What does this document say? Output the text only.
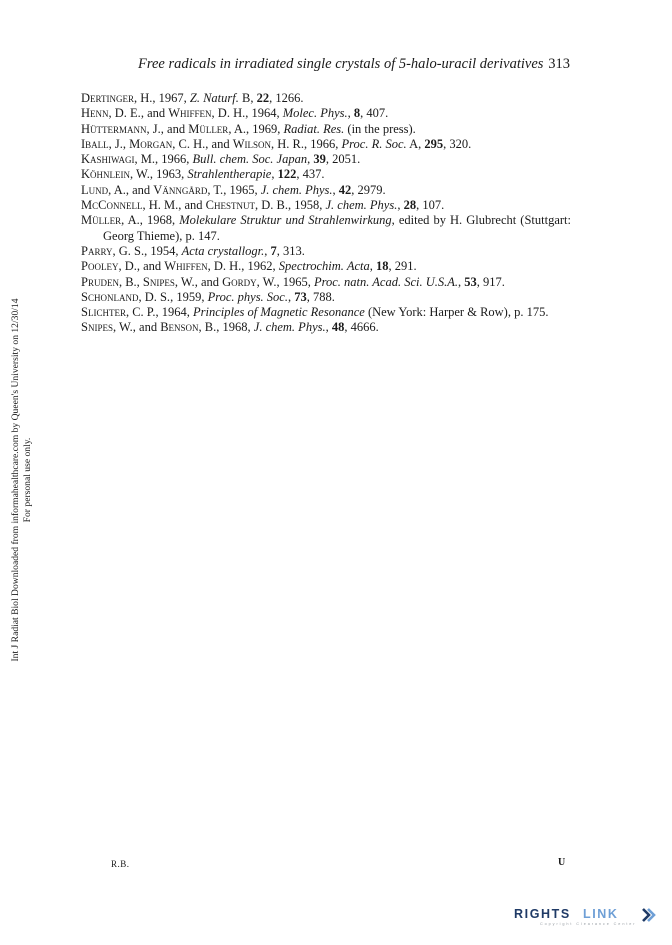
Free radicals in irradiated single crystals of 5-halo-uracil derivatives 313
Dertinger, H., 1967, Z. Naturf. B, 22, 1266.
Henn, D. E., and Whiffen, D. H., 1964, Molec. Phys., 8, 407.
Hüttermann, J., and Müller, A., 1969, Radiat. Res. (in the press).
Iball, J., Morgan, C. H., and Wilson, H. R., 1966, Proc. R. Soc. A, 295, 320.
Kashiwagi, M., 1966, Bull. chem. Soc. Japan, 39, 2051.
Köhnlein, W., 1963, Strahlentherapie, 122, 437.
Lund, A., and Vänngård, T., 1965, J. chem. Phys., 42, 2979.
McConnell, H. M., and Chestnut, D. B., 1958, J. chem. Phys., 28, 107.
Müller, A., 1968, Molekulare Struktur und Strahlenwirkung, edited by H. Glubrecht (Stuttgart: Georg Thieme), p. 147.
Parry, G. S., 1954, Acta crystallogr., 7, 313.
Pooley, D., and Whiffen, D. H., 1962, Spectrochim. Acta, 18, 291.
Pruden, B., Snipes, W., and Gordy, W., 1965, Proc. natn. Acad. Sci. U.S.A., 53, 917.
Schonland, D. S., 1959, Proc. phys. Soc., 73, 788.
Slichter, C. P., 1964, Principles of Magnetic Resonance (New York: Harper & Row), p. 175.
Snipes, W., and Benson, B., 1968, J. chem. Phys., 48, 4666.
Int J Radiat Biol Downloaded from informahealthcare.com by Queen's University on 12/30/14 For personal use only.
R.B.	U
RIGHTS LINK
Copyright Clearance Center
